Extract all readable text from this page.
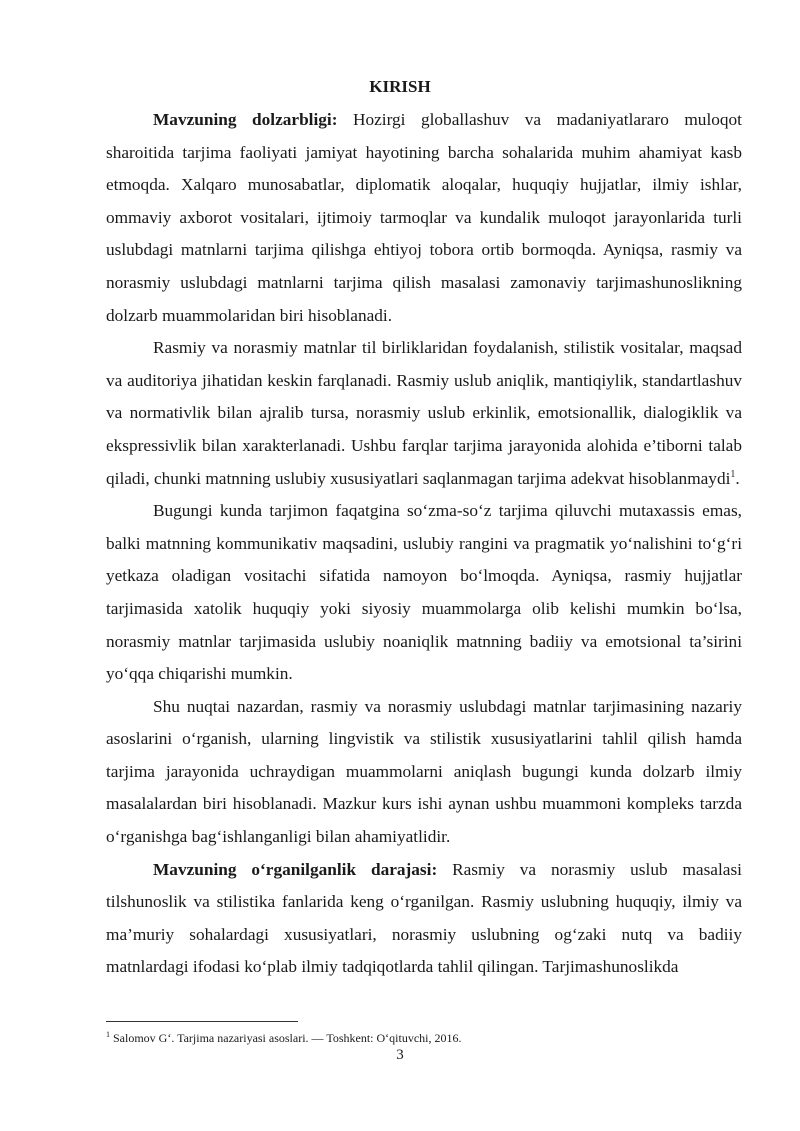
KIRISH

Mavzuning dolzarbligi: Hozirgi globallashuv va madaniyatlararo muloqot sharoitida tarjima faoliyati jamiyat hayotining barcha sohalarida muhim ahamiyat kasb etmoqda. Xalqaro munosabatlar, diplomatik aloqalar, huquqiy hujjatlar, ilmiy ishlar, ommaviy axborot vositalari, ijtimoiy tarmoqlar va kundalik muloqot jarayonlarida turli uslubdagi matnlarni tarjima qilishga ehtiyoj tobora ortib bormoqda. Ayniqsa, rasmiy va norasmiy uslubdagi matnlarni tarjima qilish masalasi zamonaviy tarjimashunoslikning dolzarb muammolaridan biri hisoblanadi.

Rasmiy va norasmiy matnlar til birliklaridan foydalanish, stilistik vositalar, maqsad va auditoriya jihatidan keskin farqlanadi. Rasmiy uslub aniqlik, mantiqiylik, standartlashuv va normativlik bilan ajralib tursa, norasmiy uslub erkinlik, emotsionallik, dialogiklik va ekspressivlik bilan xarakterlanadi. Ushbu farqlar tarjima jarayonida alohida e’tiborni talab qiladi, chunki matnning uslubiy xususiyatlari saqlanmagan tarjima adekvat hisoblanmaydi$^1$.

Bugungi kunda tarjimon faqatgina so‘zma-so‘z tarjima qiluvchi mutaxassis emas, balki matnning kommunikativ maqsadini, uslubiy rangini va pragmatik yo‘nalishini to‘g‘ri yetkaza oladigan vositachi sifatida namoyon bo‘lmoqda. Ayniqsa, rasmiy hujjatlar tarjimasida xatolik huquqiy yoki siyosiy muammolarga olib kelishi mumkin bo‘lsa, norasmiy matnlar tarjimasida uslubiy noaniqlik matnning badiiy va emotsional ta’sirini yo‘qqa chiqarishi mumkin.

Shu nuqtai nazardan, rasmiy va norasmiy uslubdagi matnlar tarjimasining nazariy asoslarini o‘rganish, ularning lingvistik va stilistik xususiyatlarini tahlil qilish hamda tarjima jarayonida uchraydigan muammolarni aniqlash bugungi kunda dolzarb ilmiy masalalardan biri hisoblanadi. Mazkur kurs ishi aynan ushbu muammoni kompleks tarzda o‘rganishga bag‘ishlanganligi bilan ahamiyatlidir.

Mavzuning o‘rganilganlik darajasi: Rasmiy va norasmiy uslub masalasi tilshunoslik va stilistika fanlarida keng o‘rganilgan. Rasmiy uslubning huquqiy, ilmiy va ma’muriy sohalardagi xususiyatlari, norasmiy uslubning og‘zaki nutq va badiiy matnlardagi ifodasi ko‘plab ilmiy tadqiqotlarda tahlil qilingan. Tarjimashunoslikda

$^1$ Salomov G‘. Tarjima nazariyasi asoslari. — Toshkent: O‘qituvchi, 2016.
3
